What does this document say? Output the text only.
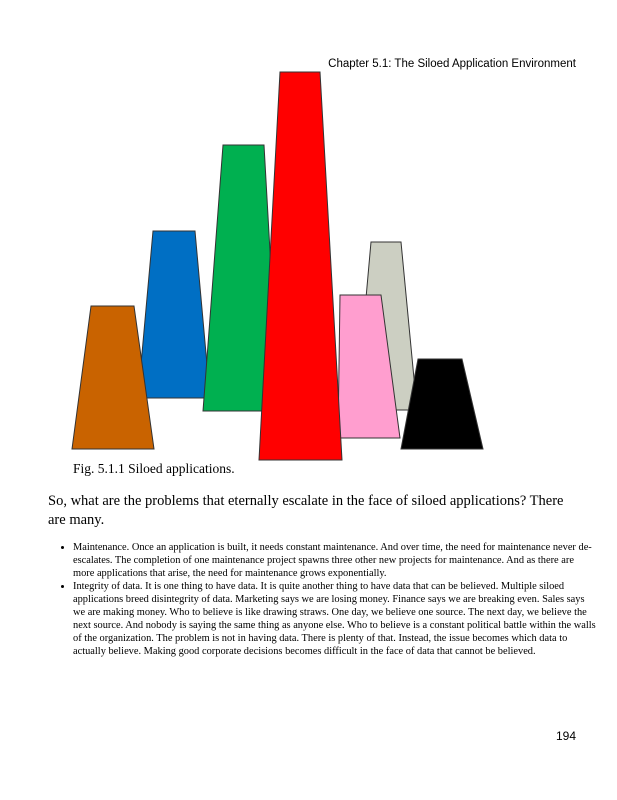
Chapter 5.1: The Siloed Application Environment
Fig. 5.1.1 Siloed applications.

So, what are the problems that eternally escalate in the face of siloed applications? There are many.

• Maintenance. Once an application is built, it needs constant maintenance. And over time, the need for maintenance never de-escalates. The completion of one maintenance project spawns three other new projects for maintenance. And as there are more applications that arise, the need for maintenance grows exponentially.
• Integrity of data. It is one thing to have data. It is quite another thing to have data that can be believed. Multiple siloed applications breed disintegrity of data. Marketing says we are losing money. Finance says we are breaking even. Sales says we are making money. Who to believe is like drawing straws. One day, we believe one source. The next day, we believe the next source. And nobody is saying the same thing as anyone else. Who to believe is a constant political battle within the walls of the organization. The problem is not in having data. There is plenty of that. Instead, the issue becomes which data to actually believe. Making good corporate decisions becomes difficult in the face of data that cannot be believed.
194
